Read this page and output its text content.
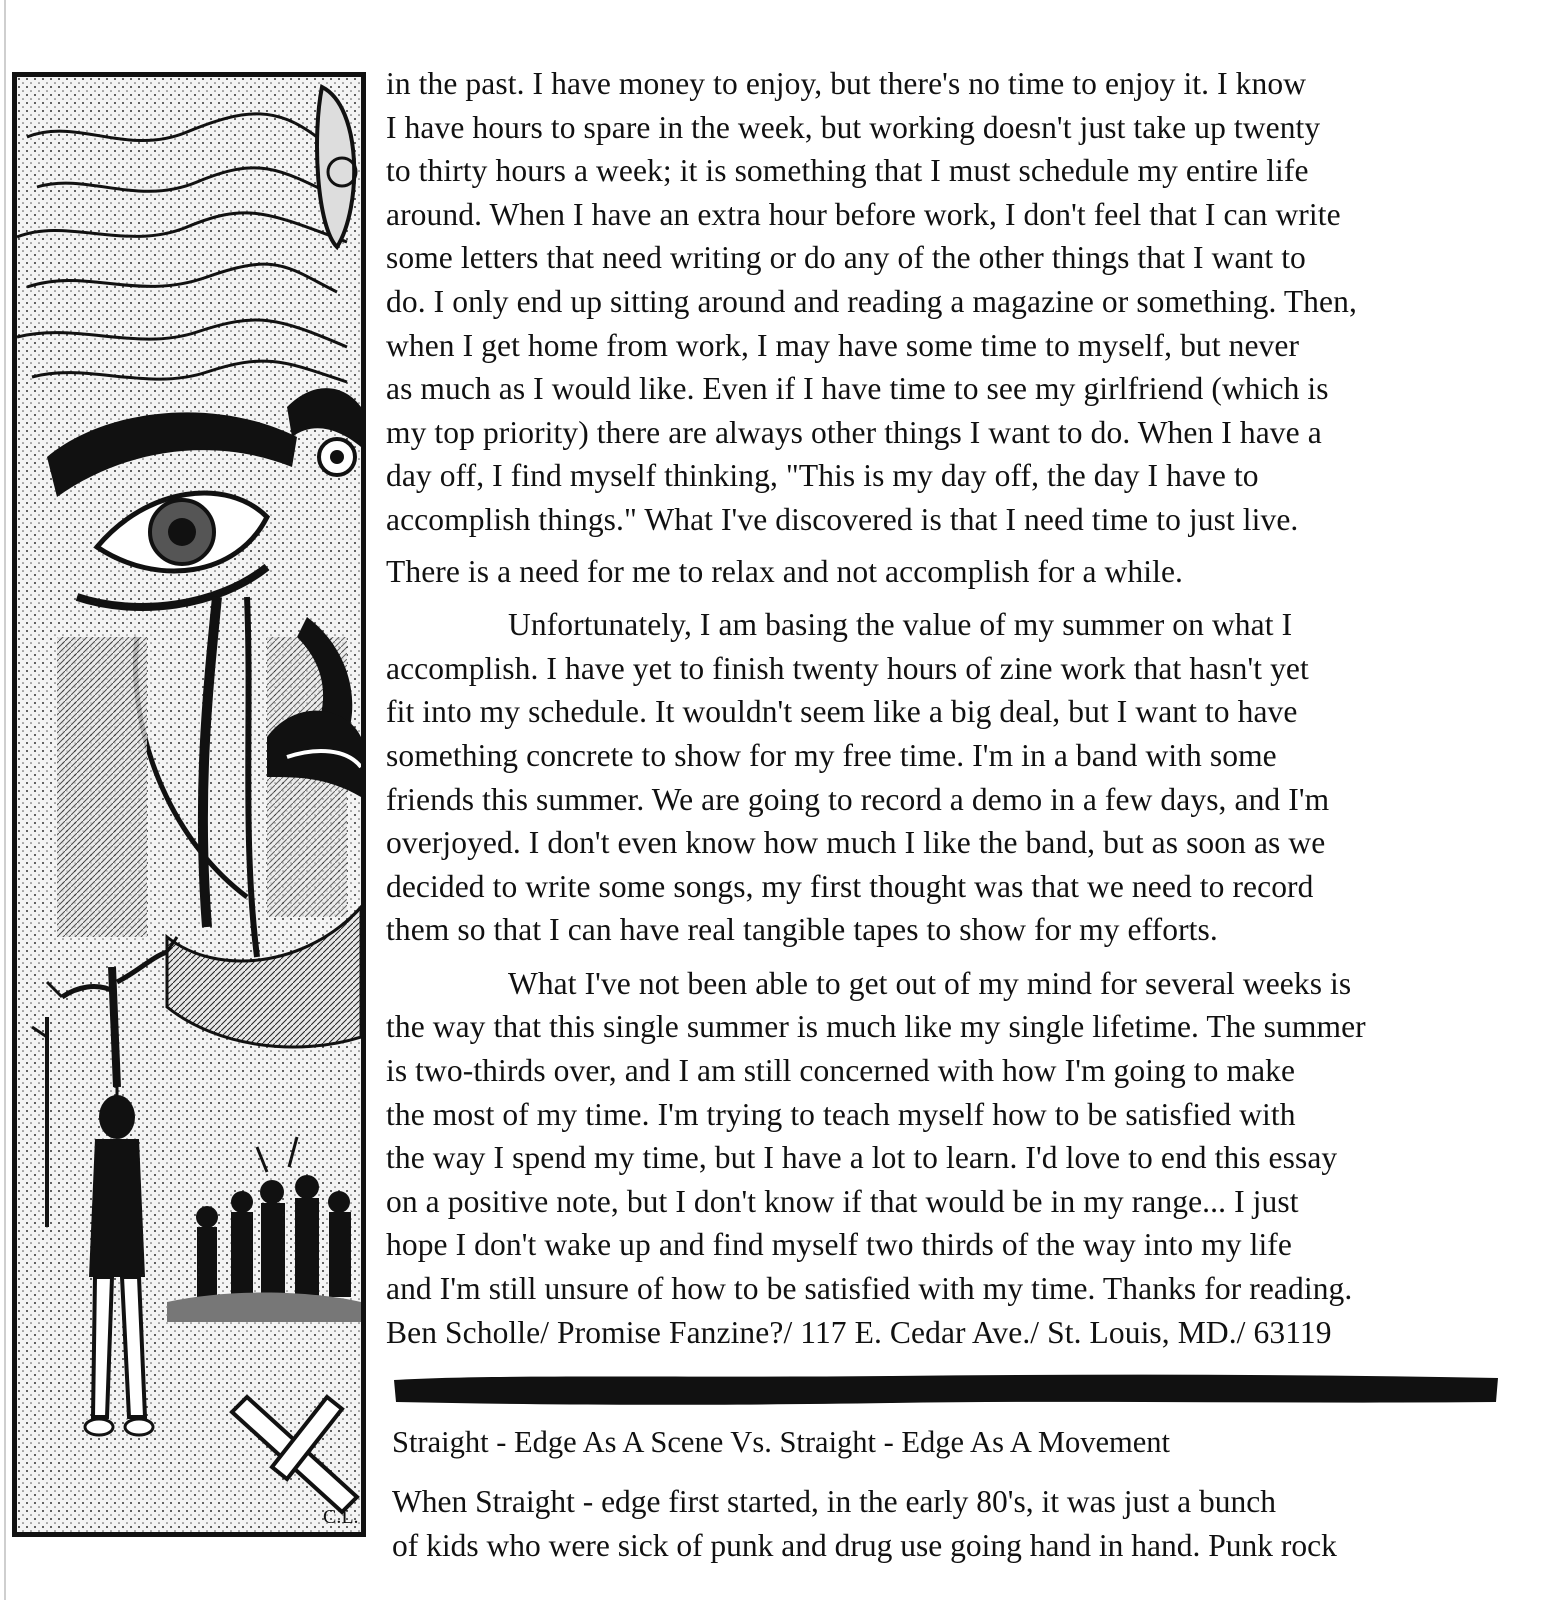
C.L.

in the past. I have money to enjoy, but there's no time to enjoy it. I know
I have hours to spare in the week, but working doesn't just take up twenty
to thirty hours a week; it is something that I must schedule my entire life
around. When I have an extra hour before work, I don't feel that I can write
some letters that need writing or do any of the other things that I want to
do. I only end up sitting around and reading a magazine or something. Then,
when I get home from work, I may have some time to myself, but never
as much as I would like. Even if I have time to see my girlfriend (which is
my top priority) there are always other things I want to do. When I have a
day off, I find myself thinking, "This is my day off, the day I have to
accomplish things." What I've discovered is that I need time to just live.
There is a need for me to relax and not accomplish for a while.

Unfortunately, I am basing the value of my summer on what I
accomplish. I have yet to finish twenty hours of zine work that hasn't yet
fit into my schedule. It wouldn't seem like a big deal, but I want to have
something concrete to show for my free time. I'm in a band with some
friends this summer. We are going to record a demo in a few days, and I'm
overjoyed. I don't even know how much I like the band, but as soon as we
decided to write some songs, my first thought was that we need to record
them so that I can have real tangible tapes to show for my efforts.

What I've not been able to get out of my mind for several weeks is
the way that this single summer is much like my single lifetime. The summer
is two-thirds over, and I am still concerned with how I'm going to make
the most of my time. I'm trying to teach myself how to be satisfied with
the way I spend my time, but I have a lot to learn. I'd love to end this essay
on a positive note, but I don't know if that would be in my range... I just
hope I don't wake up and find myself two thirds of the way into my life
and I'm still unsure of how to be satisfied with my time. Thanks for reading.
Ben Scholle/ Promise Fanzine?/ 117 E. Cedar Ave./ St. Louis, MD./ 63119

Straight - Edge As A Scene Vs. Straight - Edge As A Movement
When Straight - edge first started, in the early 80's, it was just a bunch
of kids who were sick of punk and drug use going hand in hand. Punk rock
